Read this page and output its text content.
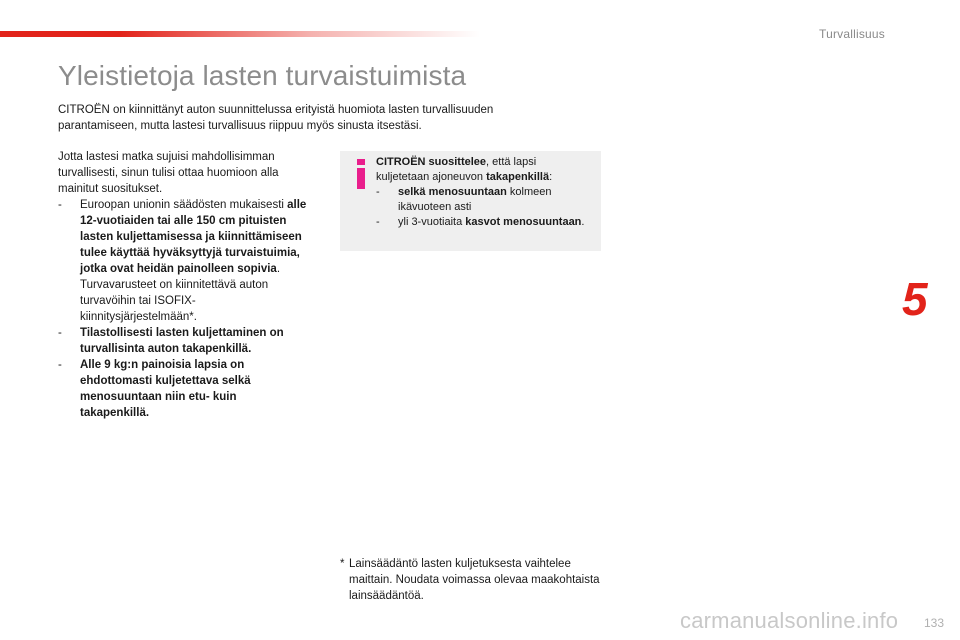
Turvallisuus
Yleistietoja lasten turvaistuimista
CITROËN on kiinnittänyt auton suunnittelussa erityistä huomiota lasten turvallisuuden parantamiseen, mutta lastesi turvallisuus riippuu myös sinusta itsestäsi.

Jotta lastesi matka sujuisi mahdollisimman turvallisesti, sinun tulisi ottaa huomioon alla mainitut suositukset.

- Euroopan unionin säädösten mukaisesti alle 12-vuotiaiden tai alle 150 cm pituisten lasten kuljettamisessa ja kiinnittämiseen tulee käyttää hyväksyttyjä turvaistuimia, jotka ovat heidän painolleen sopivia. Turvavarusteet on kiinnitettävä auton turvavöihin tai ISOFIX-kiinnitysjärjestelmään*.
- Tilastollisesti lasten kuljettaminen on turvallisinta auton takapenkillä.
- Alle 9 kg:n painoisia lapsia on ehdottomasti kuljetettava selkä menosuuntaan niin etu- kuin takapenkillä.
CITROËN suosittelee, että lapsi kuljetetaan ajoneuvon takapenkillä:
- selkä menosuuntaan kolmeen ikävuoteen asti
- yli 3-vuotiaita kasvot menosuuntaan.
5
* Lainsäädäntö lasten kuljetuksesta vaihtelee maittain. Noudata voimassa olevaa maakohtaista lainsäädäntöä.
carmanualsonline.info 133
